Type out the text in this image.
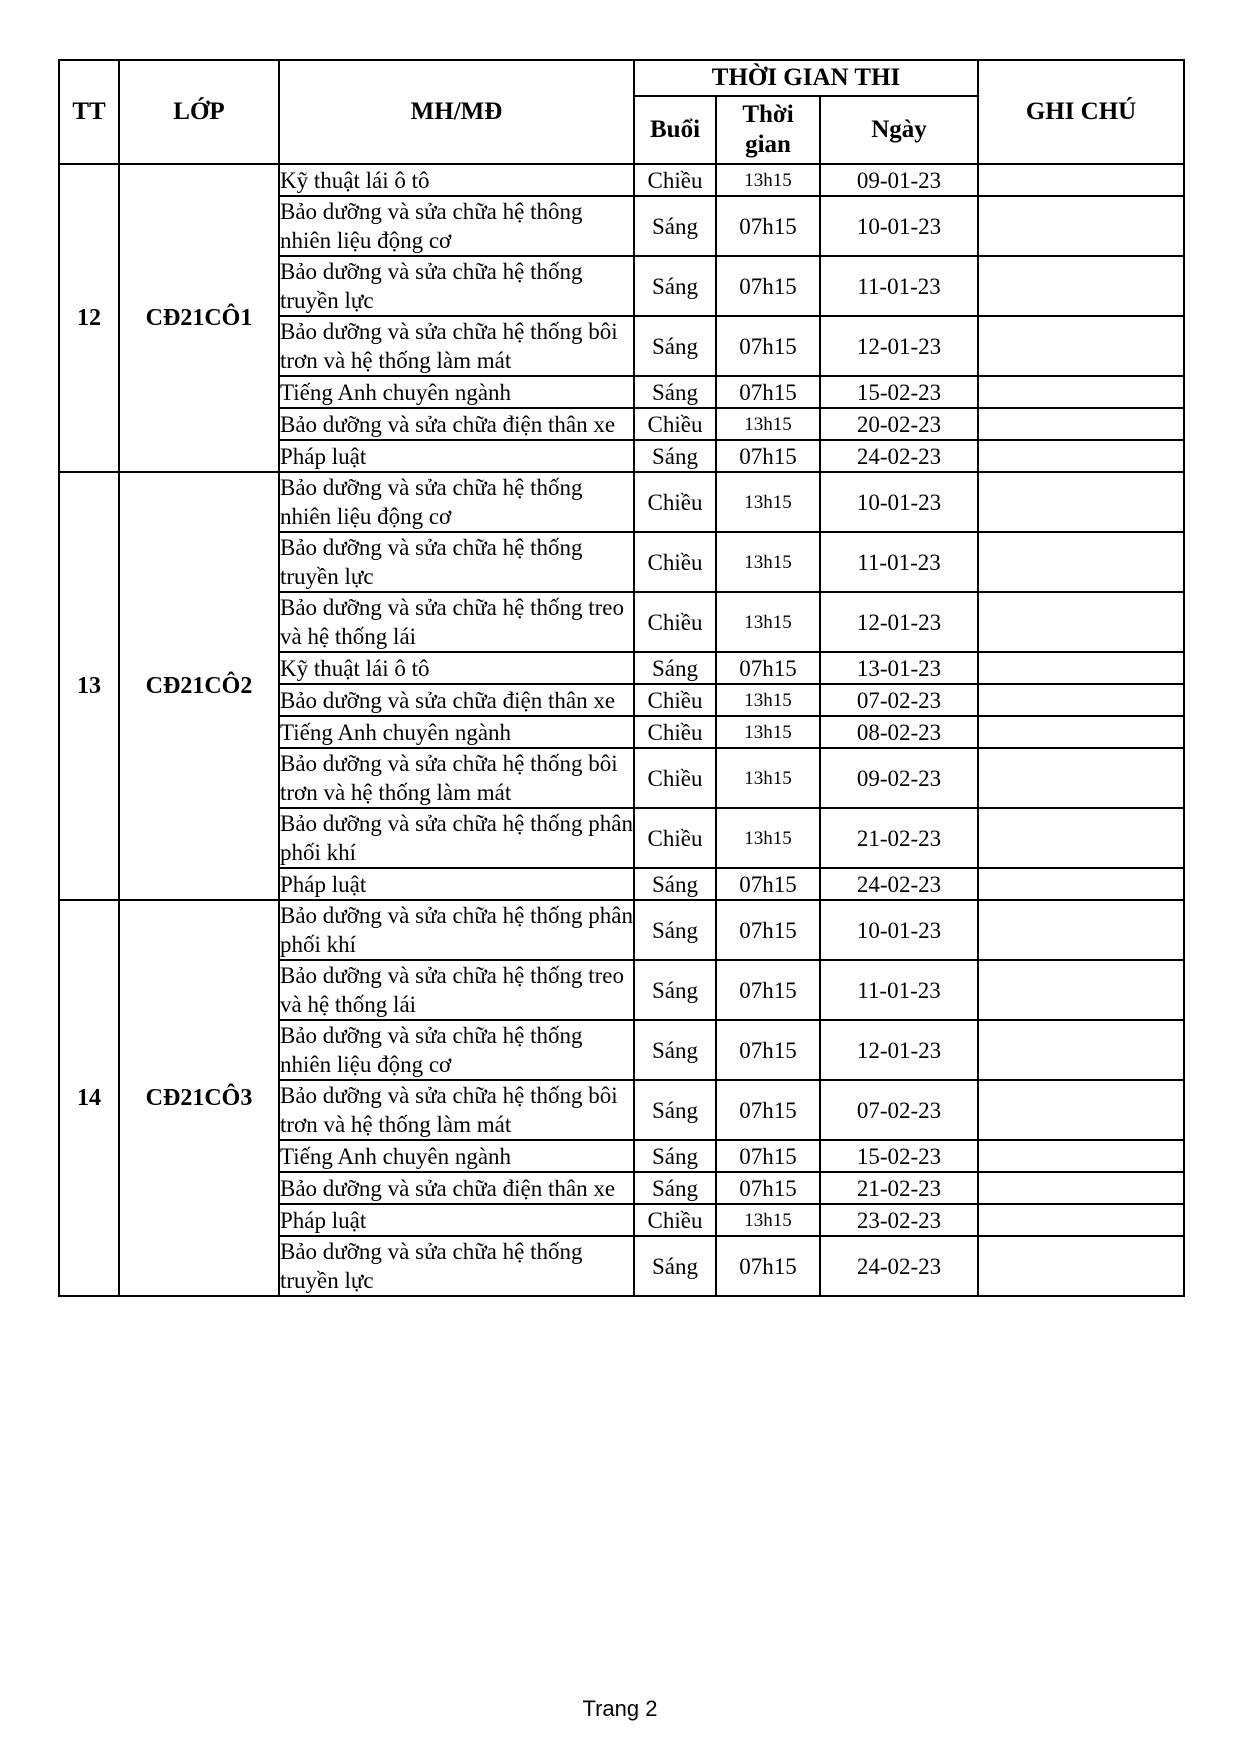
TT	LỚP	MH/MĐ	THỜI GIAN THI			GHI CHÚ
			Buổi	Thời gian	Ngày	
12	CĐ21CÔ1	Kỹ thuật lái ô tô	Chiều	13h15	09-01-23	
		Bảo dưỡng và sửa chữa hệ thông nhiên liệu động cơ	Sáng	07h15	10-01-23	
		Bảo dưỡng và sửa chữa hệ thống truyền lực	Sáng	07h15	11-01-23	
		Bảo dưỡng và sửa chữa hệ thống bôi trơn và hệ thống làm mát	Sáng	07h15	12-01-23	
		Tiếng Anh chuyên ngành	Sáng	07h15	15-02-23	
		Bảo dưỡng và sửa chữa điện thân xe	Chiều	13h15	20-02-23	
		Pháp luật	Sáng	07h15	24-02-23	
13	CĐ21CÔ2	Bảo dưỡng và sửa chữa hệ thống nhiên liệu động cơ	Chiều	13h15	10-01-23	
		Bảo dưỡng và sửa chữa hệ thống truyền lực	Chiều	13h15	11-01-23	
		Bảo dưỡng và sửa chữa hệ thống treo và hệ thống lái	Chiều	13h15	12-01-23	
		Kỹ thuật lái ô tô	Sáng	07h15	13-01-23	
		Bảo dưỡng và sửa chữa điện thân xe	Chiều	13h15	07-02-23	
		Tiếng Anh chuyên ngành	Chiều	13h15	08-02-23	
		Bảo dưỡng và sửa chữa hệ thống bôi trơn và hệ thống làm mát	Chiều	13h15	09-02-23	
		Bảo dưỡng và sửa chữa hệ thống phân phối khí	Chiều	13h15	21-02-23	
		Pháp luật	Sáng	07h15	24-02-23	
14	CĐ21CÔ3	Bảo dưỡng và sửa chữa hệ thống phân phối khí	Sáng	07h15	10-01-23	
		Bảo dưỡng và sửa chữa hệ thống treo và hệ thống lái	Sáng	07h15	11-01-23	
		Bảo dưỡng và sửa chữa hệ thống nhiên liệu động cơ	Sáng	07h15	12-01-23	
		Bảo dưỡng và sửa chữa hệ thống bôi trơn và hệ thống làm mát	Sáng	07h15	07-02-23	
		Tiếng Anh chuyên ngành	Sáng	07h15	15-02-23	
		Bảo dưỡng và sửa chữa điện thân xe	Sáng	07h15	21-02-23	
		Pháp luật	Chiều	13h15	23-02-23	
		Bảo dưỡng và sửa chữa hệ thống truyền lực	Sáng	07h15	24-02-23	
Trang 2
